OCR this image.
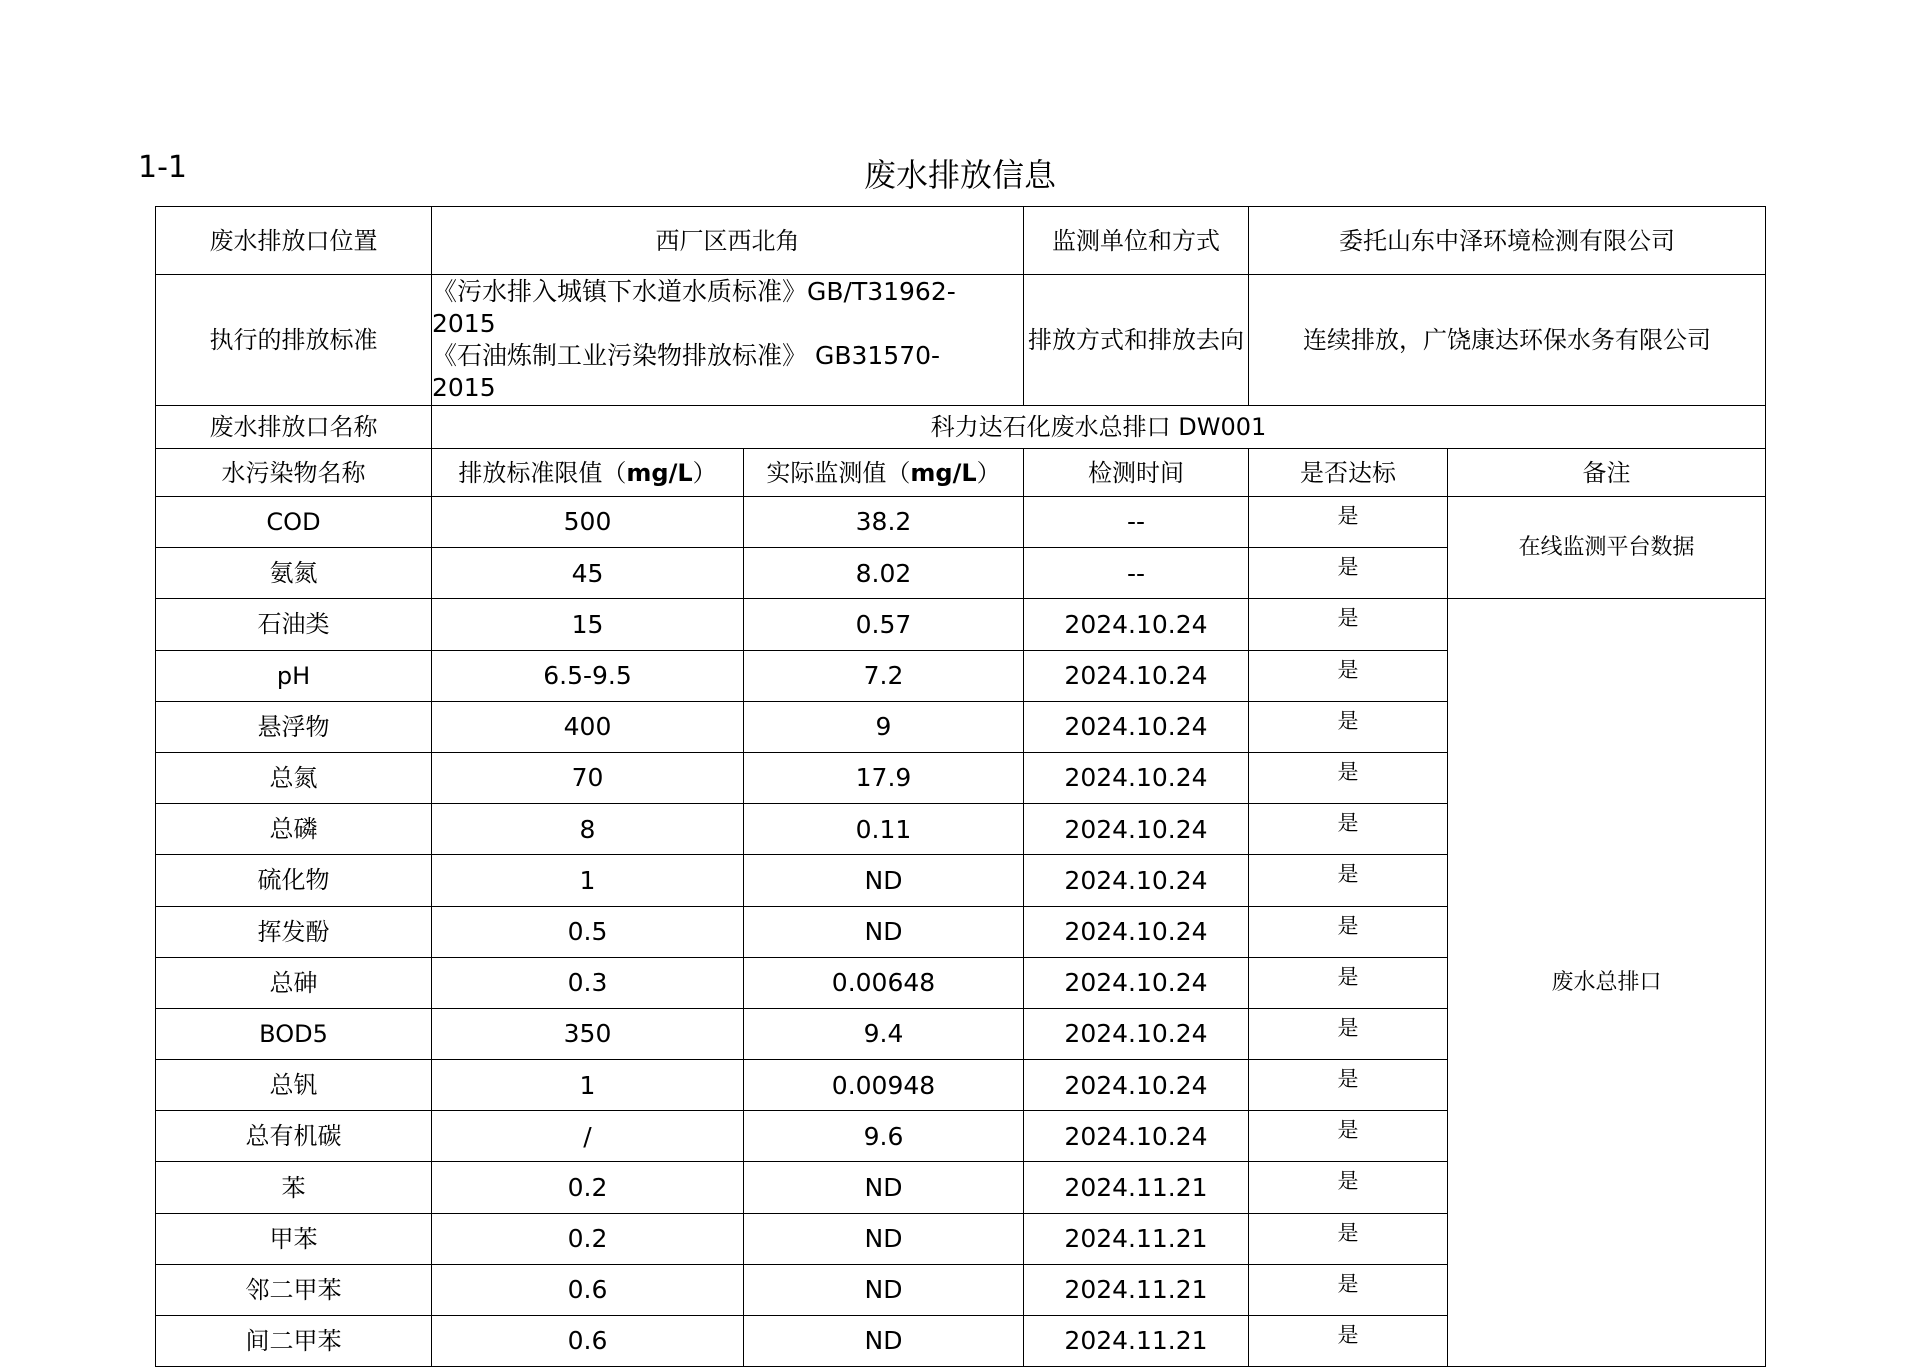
1-1	废水排放信息
废水排放口位置	西厂区西北角		监测单位和方式	委托山东中泽环境检测有限公司	
执行的排放标准	《污水排入城镇下水道水质标准》GB/T31962-
2015
《石油炼制工业污染物排放标准》 GB31570-
2015		排放方式和排放去向	连续排放，广饶康达环保水务有限公司	
废水排放口名称	科力达石化废水总排口 DW001				
水污染物名称	排放标准限值（mg/L）	实际监测值（mg/L）	检测时间	是否达标	备注
COD	500	38.2	--	是	在线监测平台数据
氨氮	45	8.02	--	是	
石油类	15	0.57	2024.10.24	是	废水总排口
pH	6.5-9.5	7.2	2024.10.24	是	
悬浮物	400	9	2024.10.24	是	
总氮	70	17.9	2024.10.24	是	
总磷	8	0.11	2024.10.24	是	
硫化物	1	ND	2024.10.24	是	
挥发酚	0.5	ND	2024.10.24	是	
总砷	0.3	0.00648	2024.10.24	是	
BOD5	350	9.4	2024.10.24	是	
总钒	1	0.00948	2024.10.24	是	
总有机碳	/	9.6	2024.10.24	是	
苯	0.2	ND	2024.11.21	是	
甲苯	0.2	ND	2024.11.21	是	
邻二甲苯	0.6	ND	2024.11.21	是	
间二甲苯	0.6	ND	2024.11.21	是	
